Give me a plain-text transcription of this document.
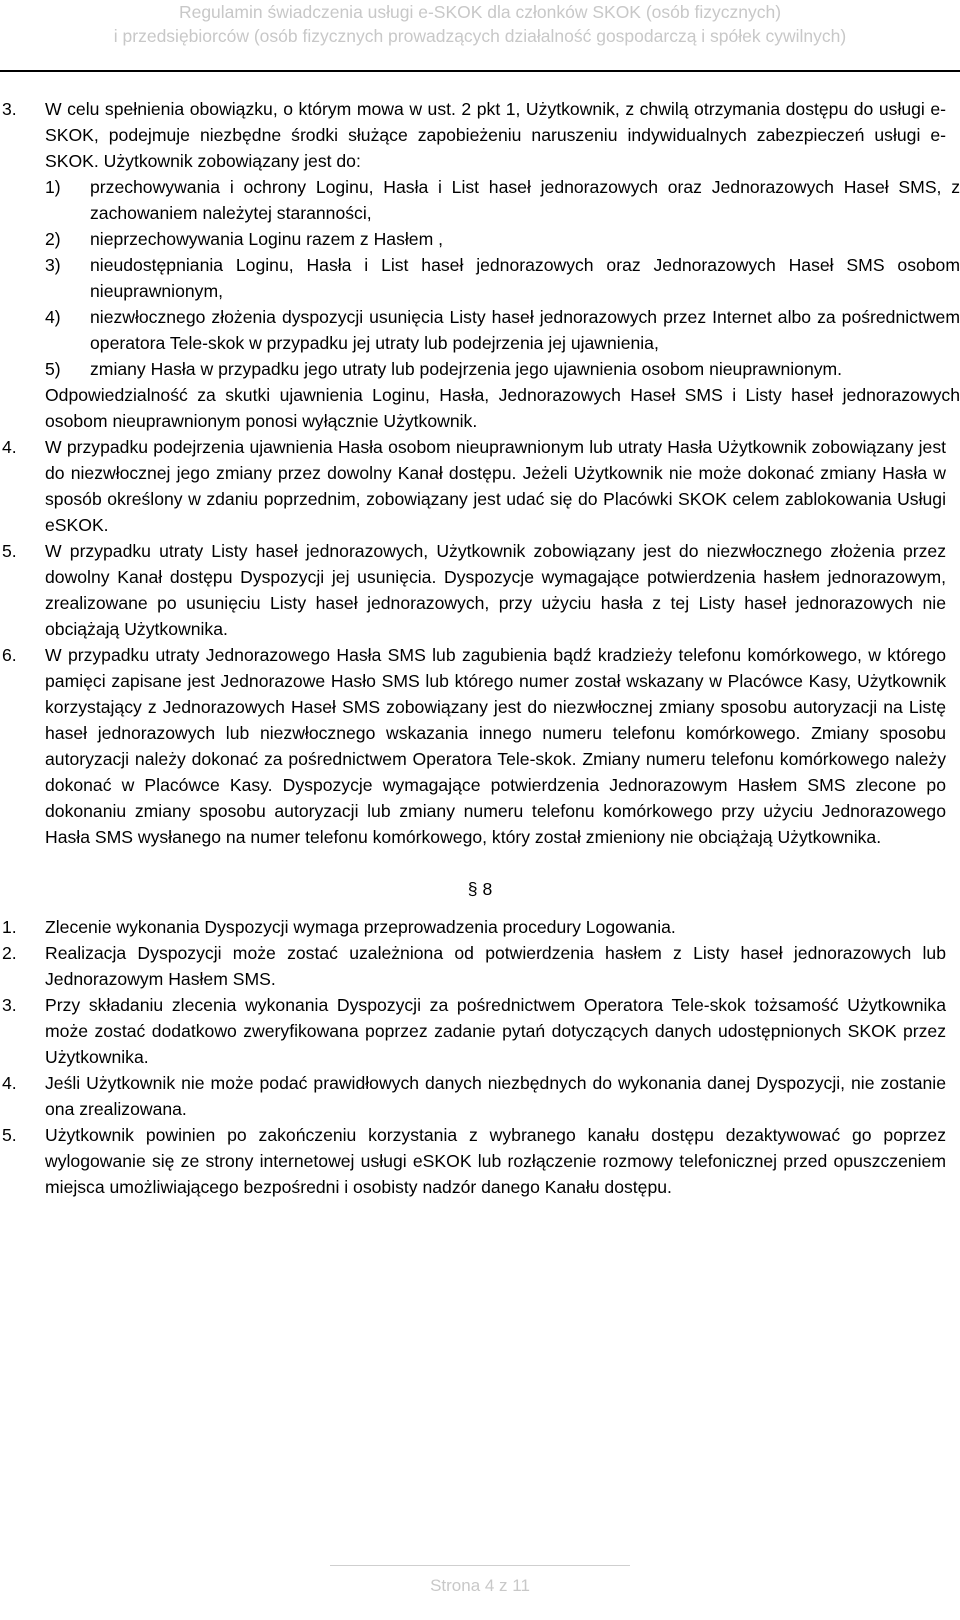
Regulamin świadczenia usługi e-SKOK dla członków SKOK (osób fizycznych)
i przedsiębiorców (osób fizycznych prowadzących działalność gospodarczą i spółek cywilnych)
3. W celu spełnienia obowiązku, o którym mowa w ust. 2 pkt 1, Użytkownik, z chwilą otrzymania dostępu do usługi e-SKOK, podejmuje niezbędne środki służące zapobieżeniu naruszeniu indywidualnych zabezpieczeń usługi e-SKOK. Użytkownik zobowiązany jest do:
1) przechowywania i ochrony Loginu, Hasła i List haseł jednorazowych oraz Jednorazowych Haseł SMS, z zachowaniem należytej staranności,
2) nieprzechowywania Loginu razem z Hasłem ,
3) nieudostępniania Loginu, Hasła i List haseł jednorazowych oraz Jednorazowych Haseł SMS osobom nieuprawnionym,
4) niezwłocznego złożenia dyspozycji usunięcia Listy haseł jednorazowych przez Internet albo za pośrednictwem operatora Tele-skok w przypadku jej utraty lub podejrzenia jej ujawnienia,
5) zmiany Hasła w przypadku jego utraty lub podejrzenia jego ujawnienia osobom nieuprawnionym.
Odpowiedzialność za skutki ujawnienia Loginu, Hasła, Jednorazowych Haseł SMS i Listy haseł jednorazowych osobom nieuprawnionym ponosi wyłącznie Użytkownik.
4. W przypadku podejrzenia ujawnienia Hasła osobom nieuprawnionym lub utraty Hasła Użytkownik zobowiązany jest do niezwłocznej jego zmiany przez dowolny Kanał dostępu. Jeżeli Użytkownik nie może dokonać zmiany Hasła w sposób określony w zdaniu poprzednim, zobowiązany jest udać się do Placówki SKOK celem zablokowania Usługi eSKOK.
5. W przypadku utraty Listy haseł jednorazowych, Użytkownik zobowiązany jest do niezwłocznego złożenia przez dowolny Kanał dostępu Dyspozycji jej usunięcia. Dyspozycje wymagające potwierdzenia hasłem jednorazowym, zrealizowane po usunięciu Listy haseł jednorazowych, przy użyciu hasła z tej Listy haseł jednorazowych nie obciążają Użytkownika.
6. W przypadku utraty Jednorazowego Hasła SMS lub zagubienia bądź kradzieży telefonu komórkowego, w którego pamięci zapisane jest Jednorazowe Hasło SMS lub którego numer został wskazany w Placówce Kasy, Użytkownik korzystający z Jednorazowych Haseł SMS zobowiązany jest do niezwłocznej zmiany sposobu autoryzacji na Listę haseł jednorazowych lub niezwłocznego wskazania innego numeru telefonu komórkowego. Zmiany sposobu autoryzacji należy dokonać za pośrednictwem Operatora Tele-skok. Zmiany numeru telefonu komórkowego należy dokonać w Placówce Kasy. Dyspozycje wymagające potwierdzenia Jednorazowym Hasłem SMS zlecone po dokonaniu zmiany sposobu autoryzacji lub zmiany numeru telefonu komórkowego przy użyciu Jednorazowego Hasła SMS wysłanego na numer telefonu komórkowego, który został zmieniony nie obciążają Użytkownika.
§ 8
1. Zlecenie wykonania Dyspozycji wymaga przeprowadzenia procedury Logowania.
2. Realizacja Dyspozycji może zostać uzależniona od potwierdzenia hasłem z Listy haseł jednorazowych lub Jednorazowym Hasłem SMS.
3. Przy składaniu zlecenia wykonania Dyspozycji za pośrednictwem Operatora Tele-skok tożsamość Użytkownika może zostać dodatkowo zweryfikowana poprzez zadanie pytań dotyczących danych udostępnionych SKOK przez Użytkownika.
4. Jeśli Użytkownik nie może podać prawidłowych danych niezbędnych do wykonania danej Dyspozycji, nie zostanie ona zrealizowana.
5. Użytkownik powinien po zakończeniu korzystania z wybranego kanału dostępu dezaktywować go poprzez wylogowanie się ze strony internetowej usługi eSKOK lub rozłączenie rozmowy telefonicznej przed opuszczeniem miejsca umożliwiającego bezpośredni i osobisty nadzór danego Kanału dostępu.
Strona 4 z 11
